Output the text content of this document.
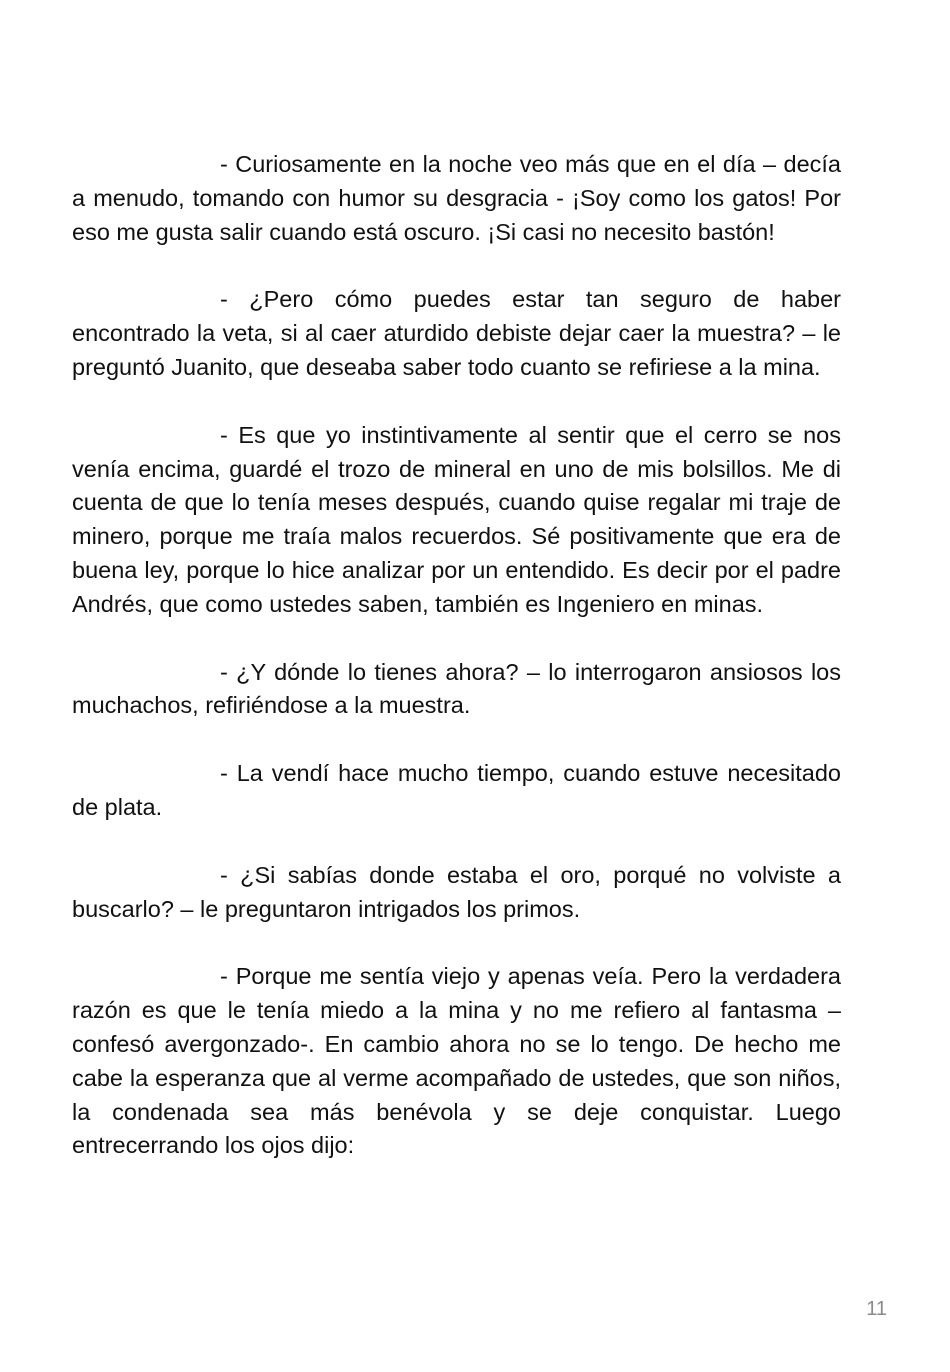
- Curiosamente en la noche veo más que en el día – decía a menudo, tomando con humor su desgracia - ¡Soy como los gatos! Por eso me gusta salir cuando está oscuro. ¡Si casi no necesito bastón!

- ¿Pero cómo puedes estar tan seguro de haber encontrado la veta, si al caer aturdido debiste dejar caer la muestra? – le preguntó Juanito, que deseaba saber todo cuanto se refiriese a la mina.

- Es que yo instintivamente al sentir que el cerro se nos venía encima, guardé el trozo de mineral en uno de mis bolsillos. Me di cuenta de que lo tenía meses después, cuando quise regalar mi traje de minero, porque me traía malos recuerdos. Sé positivamente que era de buena ley, porque lo hice analizar por un entendido. Es decir por el padre Andrés, que como ustedes saben, también es Ingeniero en minas.

- ¿Y dónde lo tienes ahora? – lo interrogaron ansiosos los muchachos, refiriéndose a la muestra.

- La vendí hace mucho tiempo, cuando estuve necesitado de plata.

- ¿Si sabías donde estaba el oro, porqué no volviste a buscarlo? – le preguntaron intrigados los primos.

- Porque me sentía viejo y apenas veía. Pero la verdadera razón es que le tenía miedo a la mina y no me refiero al fantasma – confesó avergonzado-. En cambio ahora no se lo tengo. De hecho me cabe la esperanza que al verme acompañado de ustedes, que son niños, la condenada sea más benévola y se deje conquistar. Luego entrecerrando los ojos dijo:

11
